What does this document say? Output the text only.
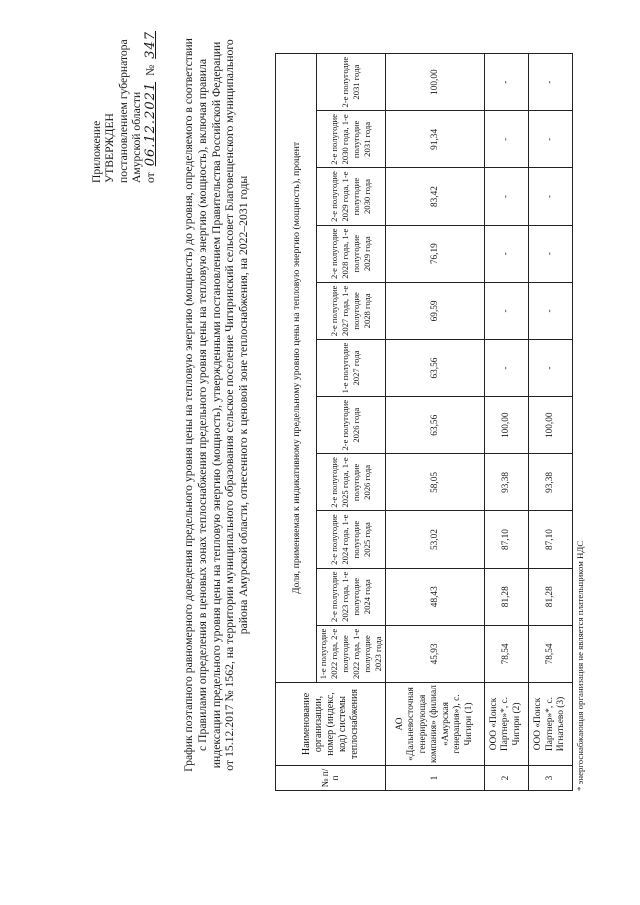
Приложение УТВЕРЖДЕН постановлением губернатора Амурской области от
06.12.2021
№
347 График поэтапного равномерного доведения предельного уровня цены на тепловую энергию (мощность) до уровня, определяемого в соответствии с Правилами определения в ценовых зонах теплоснабжения предельного уровня цены на тепловую энергию (мощность), включая правила индексации предельного уровня цены на тепловую энергию (мощность), утвержденными постановлением Правительства Российской Федерации от 15.12.2017 № 1562, на территории муниципального образования сельское поселение Чигиринский сельсовет Благовещенского муниципального района Амурской области, отнесенного к ценовой зоне теплоснабжения, на 2022–2031 годы
№ п/п	Наименование организации, номер (индекс, код) системы теплоснабжения	Доля, применяемая к индикативному предельному уровню цены на тепловую энергию (мощность), процент										
		1-е полугодие 2022 года, 2-е полугодие 2022 года, 1-е полугодие 2023 года	2-е полугодие 2023 года, 1-е полугодие 2024 года	2-е полугодие 2024 года, 1-е полугодие 2025 года	2-е полугодие 2025 года, 1-е полугодие 2026 года	2-е полугодие 2026 года	1-е полугодие 2027 года	2-е полугодие 2027 года, 1-е полугодие 2028 года	2-е полугодие 2028 года, 1-е полугодие 2029 года	2-е полугодие 2029 года, 1-е полугодие 2030 года	2-е полугодие 2030 года, 1-е полугодие 2031 года	2-е полугодие 2031 года
1	АО «Дальневосточная генерирующая компания» (филиал «Амурская генерация»), с. Чигири (1)	45,93	48,43	53,02	58,05	63,56	63,56	69,59	76,19	83,42	91,34	100,00
2	ООО «Поиск Партнер»*, с. Чигири (2)	78,54	81,28	87,10	93,38	100,00	-	-	-	-	-	-
3	ООО «Поиск Партнер»*, с. Игнатьево (3)	78,54	81,28	87,10	93,38	100,00	-	-	-	-	-	-
* энергоснабжающая организация не является плательщиком НДС
